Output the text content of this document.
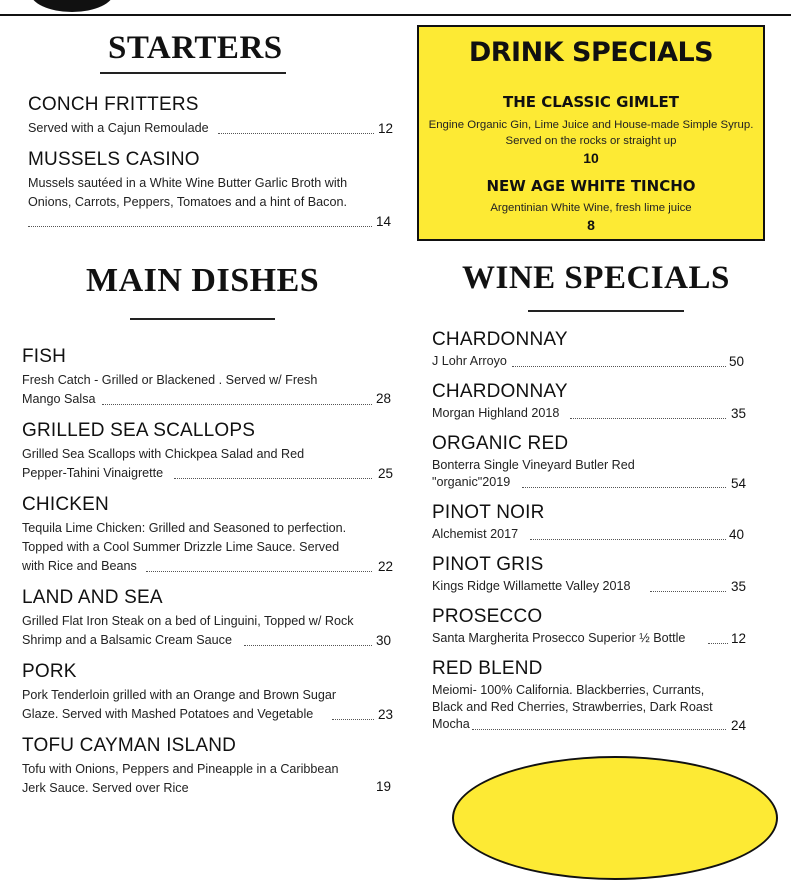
STARTERS
CONCH FRITTERS
Served with a Cajun Remoulade	12
MUSSELS CASINO
Mussels sautéed in a White Wine Butter Garlic Broth with
Onions, Carrots, Peppers, Tomatoes and a hint of Bacon.
14
DRINK SPECIALS
THE CLASSIC GIMLET
Engine Organic Gin, Lime Juice and House-made Simple Syrup.
Served on the rocks or straight up
10
NEW AGE WHITE TINCHO
Argentinian White Wine, fresh lime juice
8
MAIN DISHES
FISH
Fresh Catch - Grilled or Blackened . Served w/ Fresh
Mango Salsa	28
GRILLED SEA SCALLOPS
Grilled Sea Scallops with Chickpea Salad and Red
Pepper-Tahini Vinaigrette	25
CHICKEN
Tequila Lime Chicken: Grilled and Seasoned to perfection.
Topped with a Cool Summer Drizzle Lime Sauce. Served
with Rice and Beans	22
LAND AND SEA
Grilled Flat Iron Steak on a bed of Linguini, Topped w/ Rock
Shrimp and a Balsamic Cream Sauce	30
PORK
Pork Tenderloin grilled with an Orange and Brown Sugar
Glaze. Served with Mashed Potatoes and Vegetable	23
TOFU CAYMAN ISLAND
Tofu with Onions, Peppers and Pineapple in a Caribbean
Jerk Sauce. Served over Rice	19
WINE SPECIALS
CHARDONNAY
J Lohr Arroyo	50
CHARDONNAY
Morgan Highland 2018	35
ORGANIC RED
Bonterra Single Vineyard Butler Red
"organic"2019	54
PINOT NOIR
Alchemist 2017	40
PINOT GRIS
Kings Ridge Willamette Valley 2018	35
PROSECCO
Santa Margherita Prosecco Superior ½ Bottle	12
RED BLEND
Meiomi- 100% California. Blackberries, Currants,
Black and Red Cherries, Strawberries, Dark Roast
Mocha	24
